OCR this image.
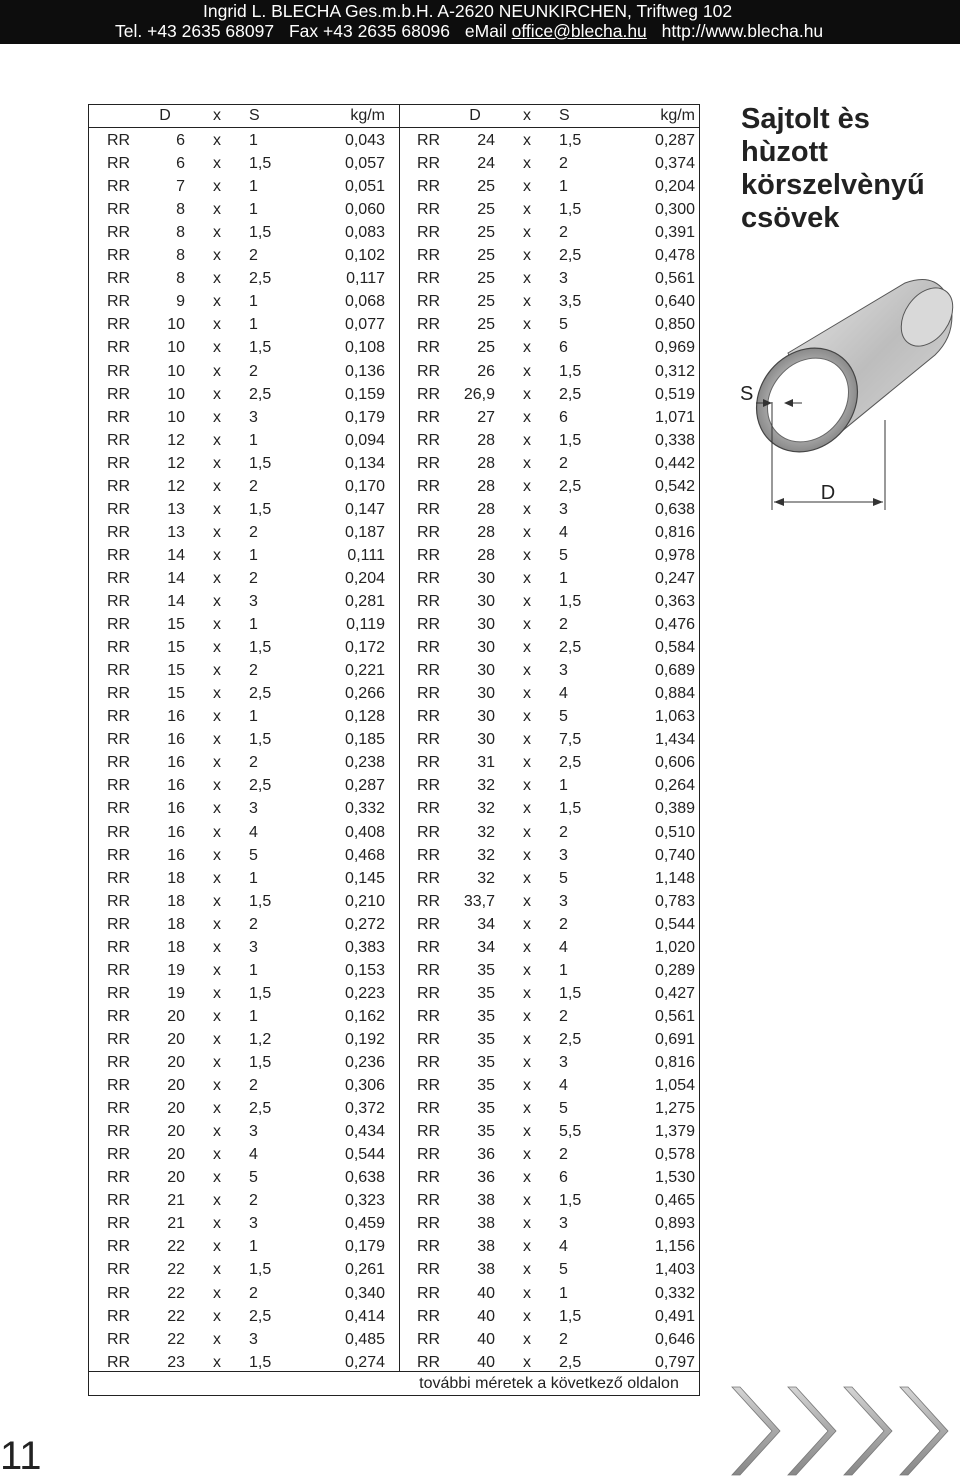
Ingrid L. BLECHA Ges.m.b.H. A-2620 NEUNKIRCHEN, Triftweg 102
Tel. +43 2635 68097 Fax +43 2635 68096 eMail office@blecha.hu http://www.blecha.hu
11
további méretek a következő oldalon
D	x	S	kg/m
RR	6	x	1	0,043
RR	6	x	1,5	0,057
RR	7	x	1	0,051
RR	8	x	1	0,060
RR	8	x	1,5	0,083
RR	8	x	2	0,102
RR	8	x	2,5	0,117
RR	9	x	1	0,068
RR	10	x	1	0,077
RR	10	x	1,5	0,108
RR	10	x	2	0,136
RR	10	x	2,5	0,159
RR	10	x	3	0,179
RR	12	x	1	0,094
RR	12	x	1,5	0,134
RR	12	x	2	0,170
RR	13	x	1,5	0,147
RR	13	x	2	0,187
RR	14	x	1	0,111
RR	14	x	2	0,204
RR	14	x	3	0,281
RR	15	x	1	0,119
RR	15	x	1,5	0,172
RR	15	x	2	0,221
RR	15	x	2,5	0,266
RR	16	x	1	0,128
RR	16	x	1,5	0,185
RR	16	x	2	0,238
RR	16	x	2,5	0,287
RR	16	x	3	0,332
RR	16	x	4	0,408
RR	16	x	5	0,468
RR	18	x	1	0,145
RR	18	x	1,5	0,210
RR	18	x	2	0,272
RR	18	x	3	0,383
RR	19	x	1	0,153
RR	19	x	1,5	0,223
RR	20	x	1	0,162
RR	20	x	1,2	0,192
RR	20	x	1,5	0,236
RR	20	x	2	0,306
RR	20	x	2,5	0,372
RR	20	x	3	0,434
RR	20	x	4	0,544
RR	20	x	5	0,638
RR	21	x	2	0,323
RR	21	x	3	0,459
RR	22	x	1	0,179
RR	22	x	1,5	0,261
RR	22	x	2	0,340
RR	22	x	2,5	0,414
RR	22	x	3	0,485
RR	23	x	1,5	0,274
D	x	S	kg/m
RR	24	x	1,5	0,287
RR	24	x	2	0,374
RR	25	x	1	0,204
RR	25	x	1,5	0,300
RR	25	x	2	0,391
RR	25	x	2,5	0,478
RR	25	x	3	0,561
RR	25	x	3,5	0,640
RR	25	x	5	0,850
RR	25	x	6	0,969
RR	26	x	1,5	0,312
RR	26,9	x	2,5	0,519
RR	27	x	6	1,071
RR	28	x	1,5	0,338
RR	28	x	2	0,442
RR	28	x	2,5	0,542
RR	28	x	3	0,638
RR	28	x	4	0,816
RR	28	x	5	0,978
RR	30	x	1	0,247
RR	30	x	1,5	0,363
RR	30	x	2	0,476
RR	30	x	2,5	0,584
RR	30	x	3	0,689
RR	30	x	4	0,884
RR	30	x	5	1,063
RR	30	x	7,5	1,434
RR	31	x	2,5	0,606
RR	32	x	1	0,264
RR	32	x	1,5	0,389
RR	32	x	2	0,510
RR	32	x	3	0,740
RR	32	x	5	1,148
RR	33,7	x	3	0,783
RR	34	x	2	0,544
RR	34	x	4	1,020
RR	35	x	1	0,289
RR	35	x	1,5	0,427
RR	35	x	2	0,561
RR	35	x	2,5	0,691
RR	35	x	3	0,816
RR	35	x	4	1,054
RR	35	x	5	1,275
RR	35	x	5,5	1,379
RR	36	x	2	0,578
RR	36	x	6	1,530
RR	38	x	1,5	0,465
RR	38	x	3	0,893
RR	38	x	4	1,156
RR	38	x	5	1,403
RR	40	x	1	0,332
RR	40	x	1,5	0,491
RR	40	x	2	0,646
RR	40	x	2,5	0,797
Sajtolt ès hùzott körszelvènyű csövek
D
S
